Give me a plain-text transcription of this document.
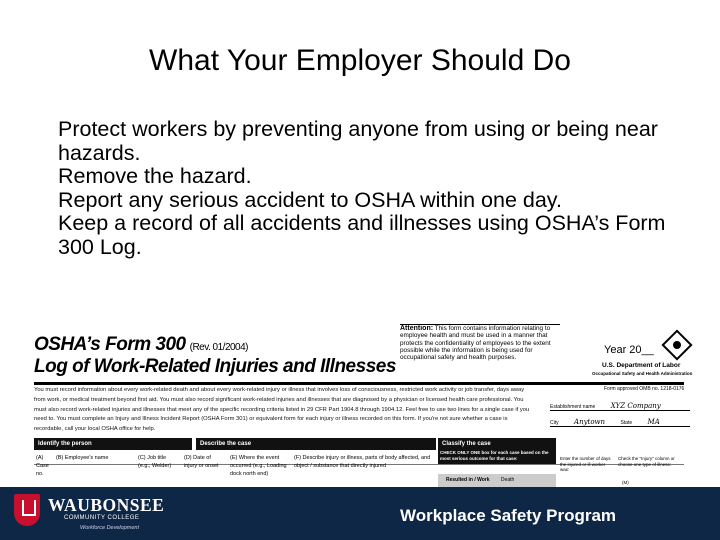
What Your Employer Should Do
Protect workers by preventing anyone from using or being near hazards.
Remove the hazard.
Report any serious accident to OSHA within one day.
Keep a record of all accidents and illnesses using OSHA’s Form 300 Log.
OSHA’s Form 300 (Rev. 01/2004)
Log of Work-Related Injuries and Illnesses
Attention: This form contains information relating to employee health and must be used in a manner that protects the confidentiality of employees to the extent possible while the information is being used for occupational safety and health purposes.
Year 20__
U.S. Department of Labor
Occupational Safety and Health Administration
Form approved OMB no. 1218-0176
You must record information about every work-related death and about every work-related injury or illness that involves loss of consciousness, restricted work activity or job transfer, days away from work, or medical treatment beyond first aid. You must also record significant work-related injuries and illnesses that are diagnosed by a physician or licensed health care professional. You must also record work-related injuries and illnesses that meet any of the specific recording criteria listed in 29 CFR Part 1904.8 through 1904.12. Feel free to use two lines for a single case if you need to. You must complete an Injury and Illness Incident Report (OSHA Form 301) or equivalent form for each injury or illness recorded on this form. If you're not sure whether a case is recordable, call your local OSHA office for help.
Establishment name XYZ Company
City Anytown	State MA
Identify the person	Describe the case	Classify the case
CHECK ONLY ONE box for each case based on the most serious outcome for that case:
(A) Case no.
(B) Employee's name	(C) Job title (e.g., Welder)
(D) Date of injury or onset
(E) Where the event occurred (e.g., Loading dock north end)
(F) Describe injury or illness, parts of body affected, and object / substance that directly injured
Resulted in / Work Death
Enter the number of days the injured or ill worker was:
Check the "Injury" column or choose one type of illness:
(M)
WAUBONSEE
COMMUNITY COLLEGE
Workforce Development
Workplace Safety Program
